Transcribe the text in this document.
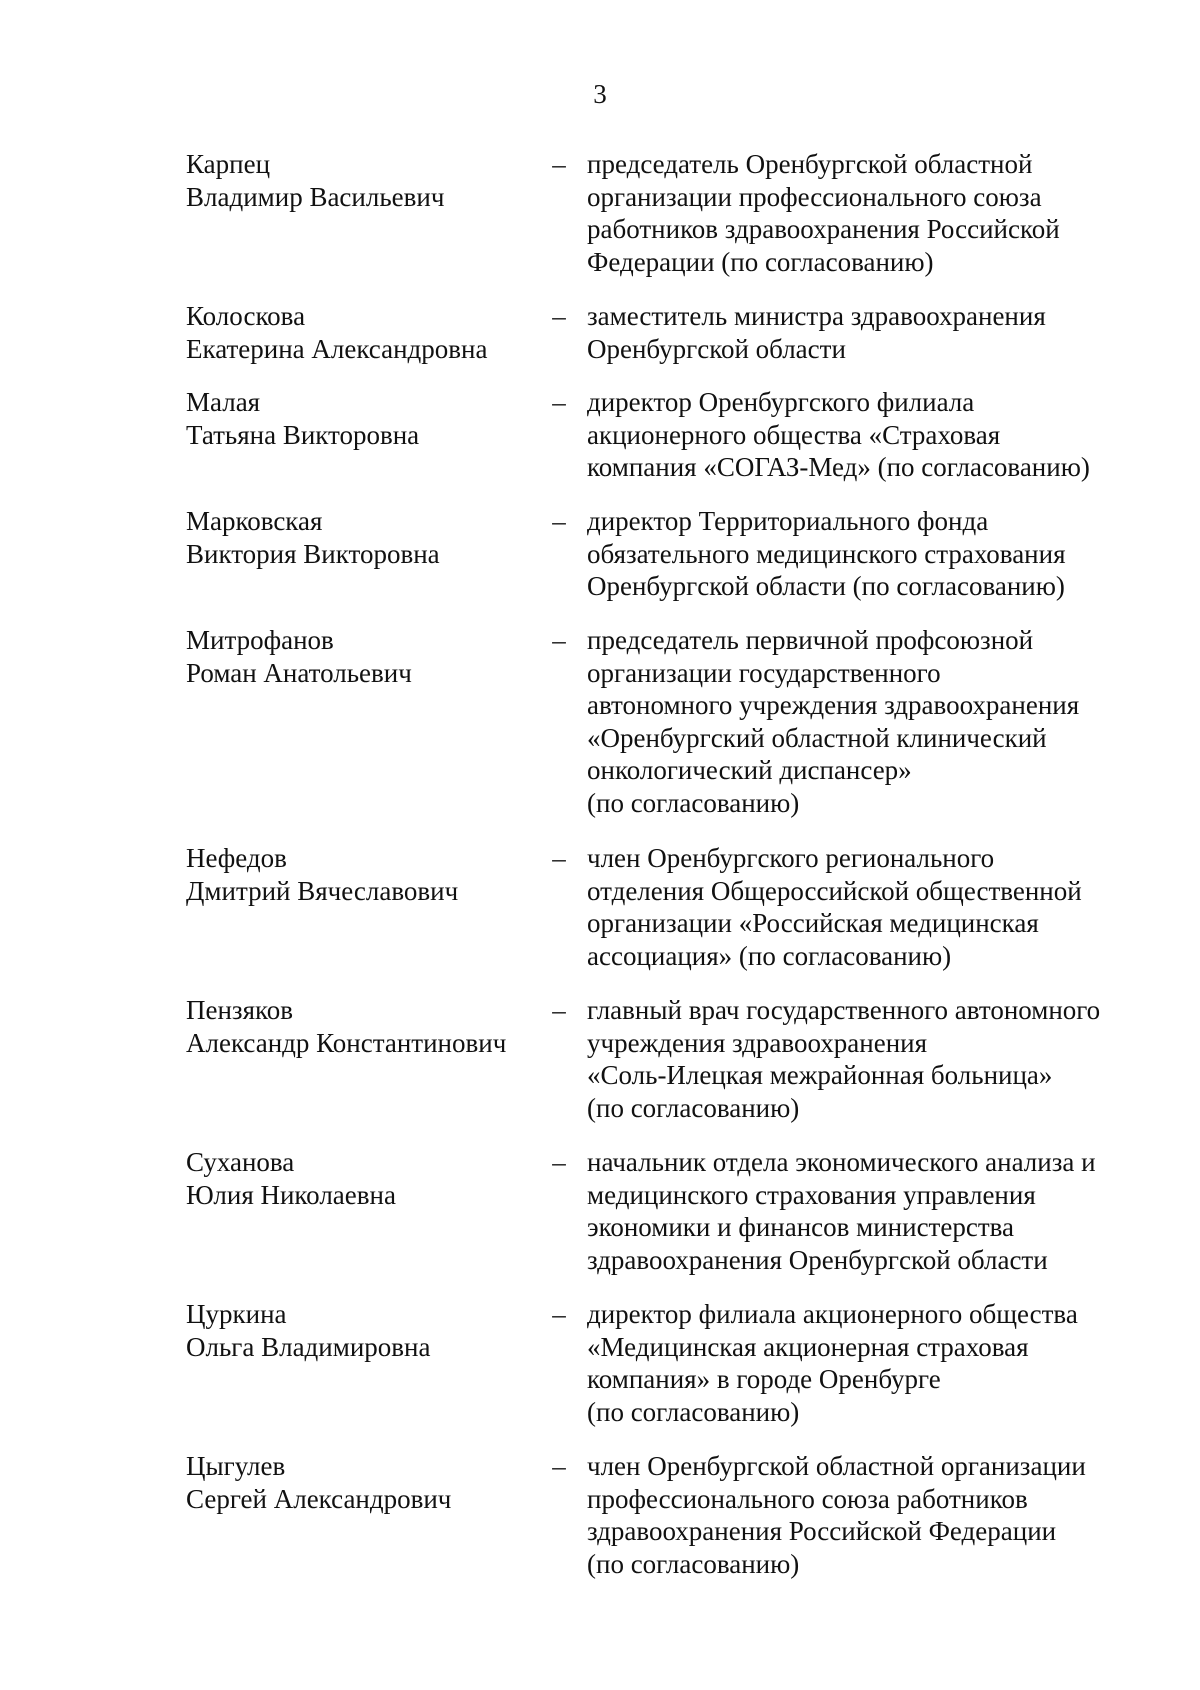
3
Карпец
Владимир Васильевич
– председатель Оренбургской областной
организации профессионального союза
работников здравоохранения Российской
Федерации (по согласованию)
Колоскова
Екатерина Александровна
– заместитель министра здравоохранения
Оренбургской области
Малая
Татьяна Викторовна
– директор Оренбургского филиала
акционерного общества «Страховая
компания «СОГАЗ-Мед» (по согласованию)
Марковская
Виктория Викторовна
– директор Территориального фонда
обязательного медицинского страхования
Оренбургской области (по согласованию)
Митрофанов
Роман Анатольевич
– председатель первичной профсоюзной
организации государственного
автономного учреждения здравоохранения
«Оренбургский областной клинический
онкологический диспансер»
(по согласованию)
Нефедов
Дмитрий Вячеславович
– член Оренбургского регионального
отделения Общероссийской общественной
организации «Российская медицинская
ассоциация» (по согласованию)
Пензяков
Александр Константинович
– главный врач государственного автономного
учреждения здравоохранения
«Соль-Илецкая межрайонная больница»
(по согласованию)
Суханова
Юлия Николаевна
– начальник отдела экономического анализа и
медицинского страхования управления
экономики и финансов министерства
здравоохранения Оренбургской области
Цуркина
Ольга Владимировна
– директор филиала акционерного общества
«Медицинская акционерная страховая
компания» в городе Оренбурге
(по согласованию)
Цыгулев
Сергей Александрович
– член Оренбургской областной организации
профессионального союза работников
здравоохранения Российской Федерации
(по согласованию)
